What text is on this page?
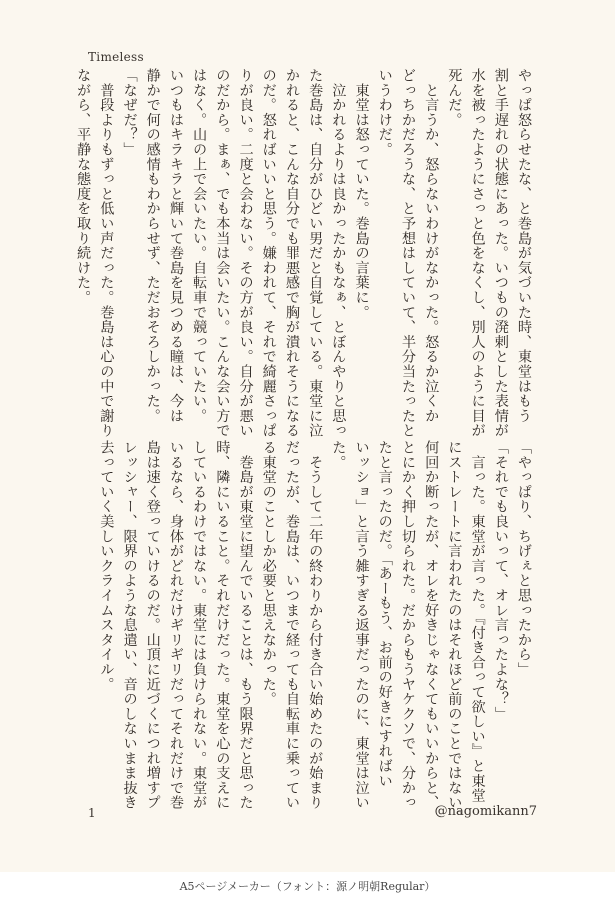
Timeless

やっぱ怒らせたな、と巻島が気づいた時、東堂はもう

割と手遅れの状態にあった。いつもの溌剌とした表情が

水を被ったようにさっと色をなくし、別人のように目が

死んだ。

　と言うか、怒らないわけがなかった。怒るか泣くか

どっちかだろうな、と予想はしていて、半分当たったと

いうわけだ。

　東堂は怒っていた。巻島の言葉に。

　泣かれるよりは良かったかもなぁ、とぼんやりと思っ

た巻島は、自分がひどい男だと自覚している。東堂に泣

かれると、こんな自分でも罪悪感で胸が潰れそうになる

のだ。怒ればいいと思う。嫌われて、それで綺麗さっぱ

りが良い。二度と会わない。その方が良い。自分が悪い

のだから。まぁ、でも本当は会いたい。こんな会い方で

はなく。山の上で会いたい。自転車で競っていたい。

いつもはキラキラと輝いて巻島を見つめる瞳は、今は

静かで何の感情もわからせず、ただおそろしかった。

「なぜだ？」

　普段よりもずっと低い声だった。巻島は心の中で謝り

ながら、平静な態度を取り続けた。

「やっぱり、ちげぇと思ったから」

「それでも良いって、オレ言ったよな？」

　言った。東堂が言った。『付き合って欲しい』と東堂

にストレートに言われたのはそれほど前のことではない。

何回か断ったが、オレを好きじゃなくてもいいからと、

とにかく押し切られた。だからもうヤケクソで、分かっ

たと言ったのだ。「あーもう、お前の好きにすればい

いッショ」と言う雑すぎる返事だったのに、東堂は泣い

た。

　そうして二年の終わりから付き合い始めたのが始まり

だったが、巻島は、いつまで経っても自転車に乗ってい

る東堂のことしか必要と思えなかった。

　巻島が東堂に望んでいることは、もう限界だと思った

時、隣にいること。それだけだった。東堂を心の支えに

しているわけではない。東堂には負けられない。東堂が

いるなら、身体がどれだけギリギリだってそれだけで巻

島は速く登っていけるのだ。山頂に近づくにつれ増すプ

レッシャー、限界のような息遣い、音のしないまま抜き

去っていく美しいクライムスタイル。

1	@nagomikann7
A5ページメーカー（フォント：源ノ明朝Regular）
